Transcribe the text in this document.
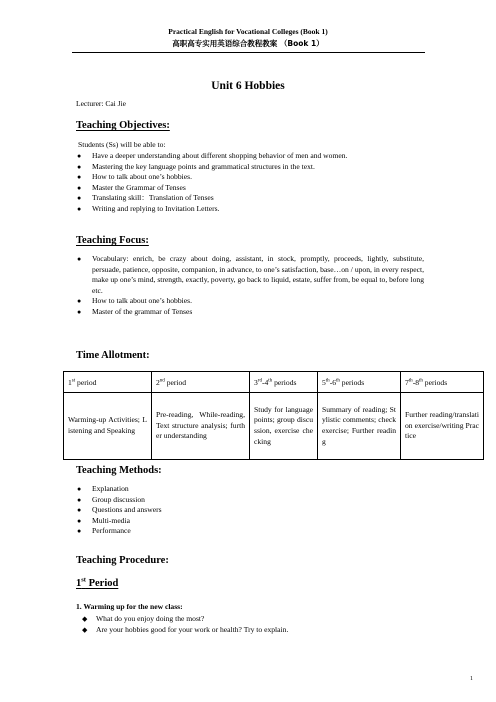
Practical English for Vocational Colleges (Book 1)
高职高专实用英语综合教程教案 （Book 1）
Unit 6 Hobbies
Lecturer: Cai Jie
Teaching Objectives:
Students (Ss) will be able to:
● Have a deeper understanding about different shopping behavior of men and women.
● Mastering the key language points and grammatical structures in the text.
● How to talk about one’s hobbies.
● Master the Grammar of Tenses
● Translating skill：Translation of Tenses
● Writing and replying to Invitation Letters.
Teaching Focus:
● Vocabulary: enrich, be crazy about doing, assistant, in stock, promptly, proceeds, lightly, substitute, persuade, patience, opposite, companion, in advance, to one’s satisfaction, base…on / upon, in every respect, make up one’s mind, strength, exactly, poverty, go back to liquid, estate, suffer from, be equal to, before long etc.
● How to talk about one’s hobbies.
● Master of the grammar of Tenses
Time Allotment:
1st period	2nd period	3rd-4th periods	5th-6th periods	7th-8th periods
Warming-up Activities; Listening and Speaking	Pre-reading, While-reading, Text structure analysis; further understanding	Study for language points; group discussion, exercise checking	Summary of reading; Stylistic comments; check exercise; Further reading	Further reading/translation exercise/writing Practice
Teaching Methods:
● Explanation
● Group discussion
● Questions and answers
● Multi-media
● Performance
Teaching Procedure:
1st Period
1. Warming up for the new class:
◆ What do you enjoy doing the most?
◆ Are your hobbies good for your work or health? Try to explain.
1
